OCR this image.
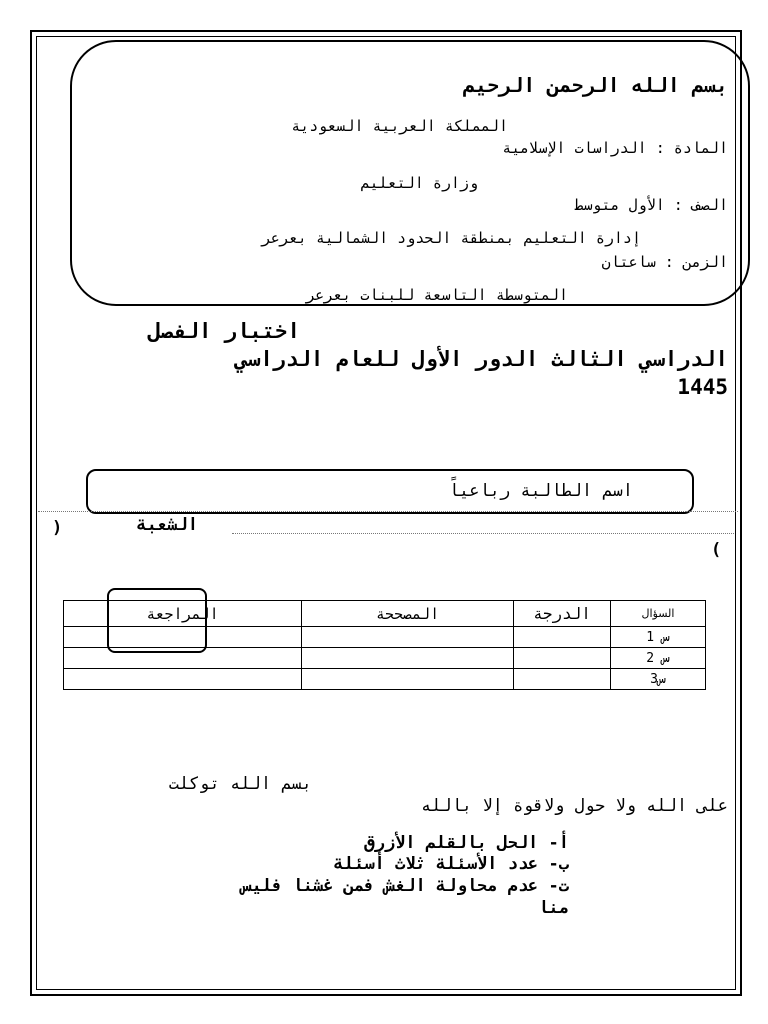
بسم الله الرحمن الرحيم
المملكة العربية السعودية
المادة : الدراسات الإسلامية
وزارة التعليم
الصف : الأول متوسط
إدارة التعليم بمنطقة الحدود الشمالية بعرعر
الزمن : ساعتان
المتوسطة التاسعة للبنات بعرعر
اختبار الفصل
الدراسي الثالث الدور الأول للعام الدراسي
1445
اسم الطالبة رباعياً
الشعبة
(
)
المراجعة	المصححة	الدرجة	السؤال
			س 1
			س 2
			س3
بسم الله توكلت
على الله ولا حول ولاقوة إلا بالله
أ- الحل بالقلم الأزرق
ب- عدد الأسئلة ثلاث أسئلة
ت- عدم محاولة الغش فمن غشنا فليس
منا
